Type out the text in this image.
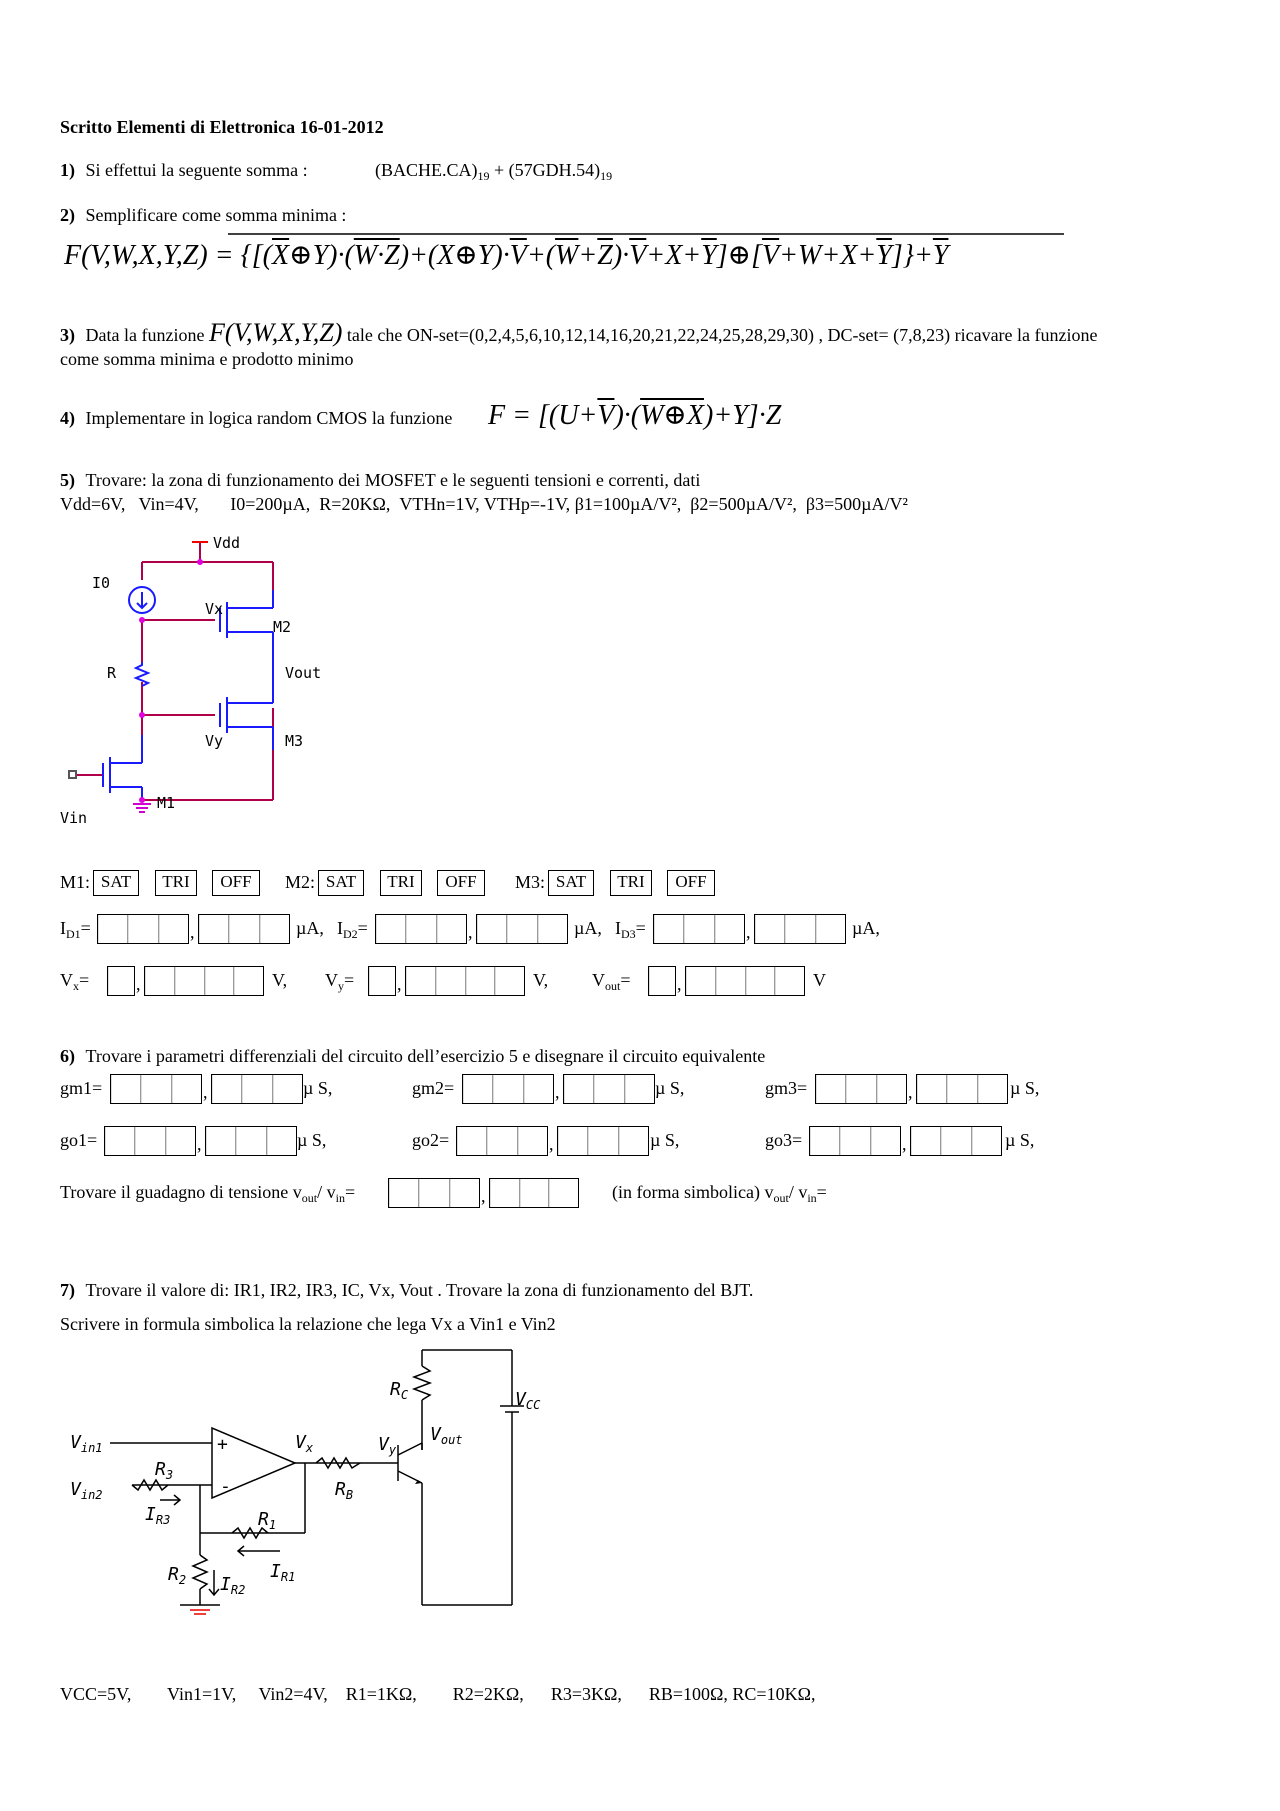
Scritto Elementi di Elettronica 16-01-2012
1) Si effettui la seguente somma :	$(BACHE.CA)_{19} + (57GDH.54)_{19}$
2) Semplificare come somma minima :
$F(V,W,X,Y,Z) = \{[(\overline{X}\oplus Y)\cdot(W\cdot Z)+(X\oplus Y)\cdot\overline{V}+(\overline{W}+\overline{Z})\cdot\overline{V}+X+\overline{Y}]\oplus[\overline{V}+W+X+\overline{Y}]\}+\overline{Y}$
3) Data la funzione F(V,W,X,Y,Z) tale che ON-set=(0,2,4,5,6,10,12,14,16,20,21,22,24,25,28,29,30) , DC-set= (7,8,23) ricavare la funzione
come somma minima e prodotto minimo
4) Implementare in logica random CMOS la funzione $F = [(U+\overline{V})\cdot(W\oplus X)+Y]\cdot Z$
5) Trovare: la zona di funzionamento dei MOSFET e le seguenti tensioni e correnti, dati
Vdd=6V, Vin=4V, I0=200µA, R=20KΩ, VTHn=1V, VTHp=-1V, β1=100µA/V², β2=500µA/V², β3=500µA/V²
Vdd
I0
Vx
M2
R	Vout
Vy	M3
M1
Vin
M1: SAT	TRI	OFF	M2: SAT	TRI	OFF	M3: SAT	TRI	OFF
$I_{D1}=$	,	µA, $I_{D2}=$	,	µA, $I_{D3}=$	,	µA,
$V_x=$	,	V, $V_y=$ ,	V, $V_{out}=$	,	V
6) Trovare i parametri differenziali del circuito dell’esercizio 5 e disegnare il circuito equivalente
gm1=	,	µ S,	gm2=	,	µ S,	gm3=	,	µ S,
go1=	,	µ S,	go2=	,	µ S,	go3=	,	µ S,
Trovare il guadagno di tensione $v_{out}/$ $v_{in}=$	,	(in forma simbolica) $v_{out}/$ $v_{in}=$
7) Trovare il valore di: IR1, IR2, IR3, IC, Vx, Vout . Trovare la zona di funzionamento del BJT.
Scrivere in formula simbolica la relazione che lega Vx a Vin1 e Vin2
$R_C$	$V_{CC}$
$V_{out}$
$V_{in1}$
$V_{in2}$
$V_x$	$V_y$
$R_3$
$I_{R3}$
$R_B$
$R_1$
$I_{R1}$
$R_2$ $I_{R2}$
+
-
VCC=5V, Vin1=1V, Vin2=4V, R1=1KΩ, R2=2KΩ, R3=3KΩ, RB=100Ω, RC=10KΩ,
